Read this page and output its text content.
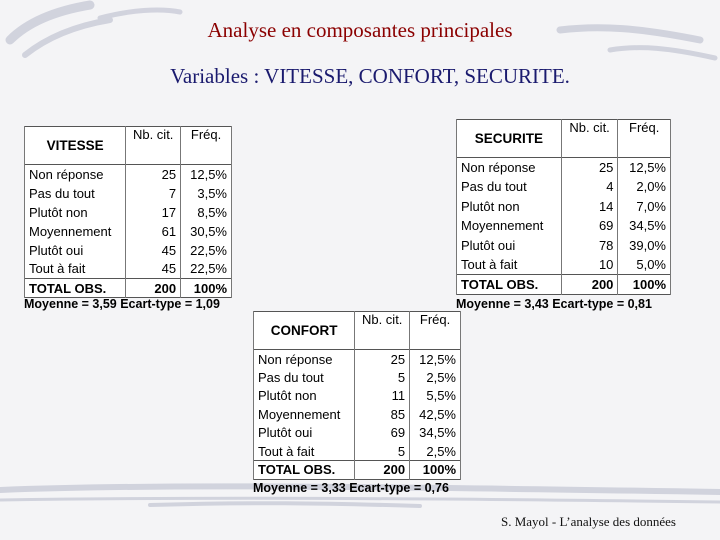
Analyse en composantes principales
Variables : VITESSE, CONFORT, SECURITE.
VITESSE	Nb. cit.	Fréq.
Non réponse	25	12,5%
Pas du tout	7	3,5%
Plutôt non	17	8,5%
Moyennement	61	30,5%
Plutôt oui	45	22,5%
Tout à fait	45	22,5%
TOTAL OBS.	200	100%

Moyenne = 3,59 Ecart-type = 1,09

SECURITE	Nb. cit.	Fréq.
Non réponse	25	12,5%
Pas du tout	4	2,0%
Plutôt non	14	7,0%
Moyennement	69	34,5%
Plutôt oui	78	39,0%
Tout à fait	10	5,0%
TOTAL OBS.	200	100%

Moyenne = 3,43 Ecart-type = 0,81

CONFORT	Nb. cit.	Fréq.
Non réponse	25	12,5%
Pas du tout	5	2,5%
Plutôt non	11	5,5%
Moyennement	85	42,5%
Plutôt oui	69	34,5%
Tout à fait	5	2,5%
TOTAL OBS.	200	100%

Moyenne = 3,33 Ecart-type = 0,76

S. Mayol - L’analyse des données
